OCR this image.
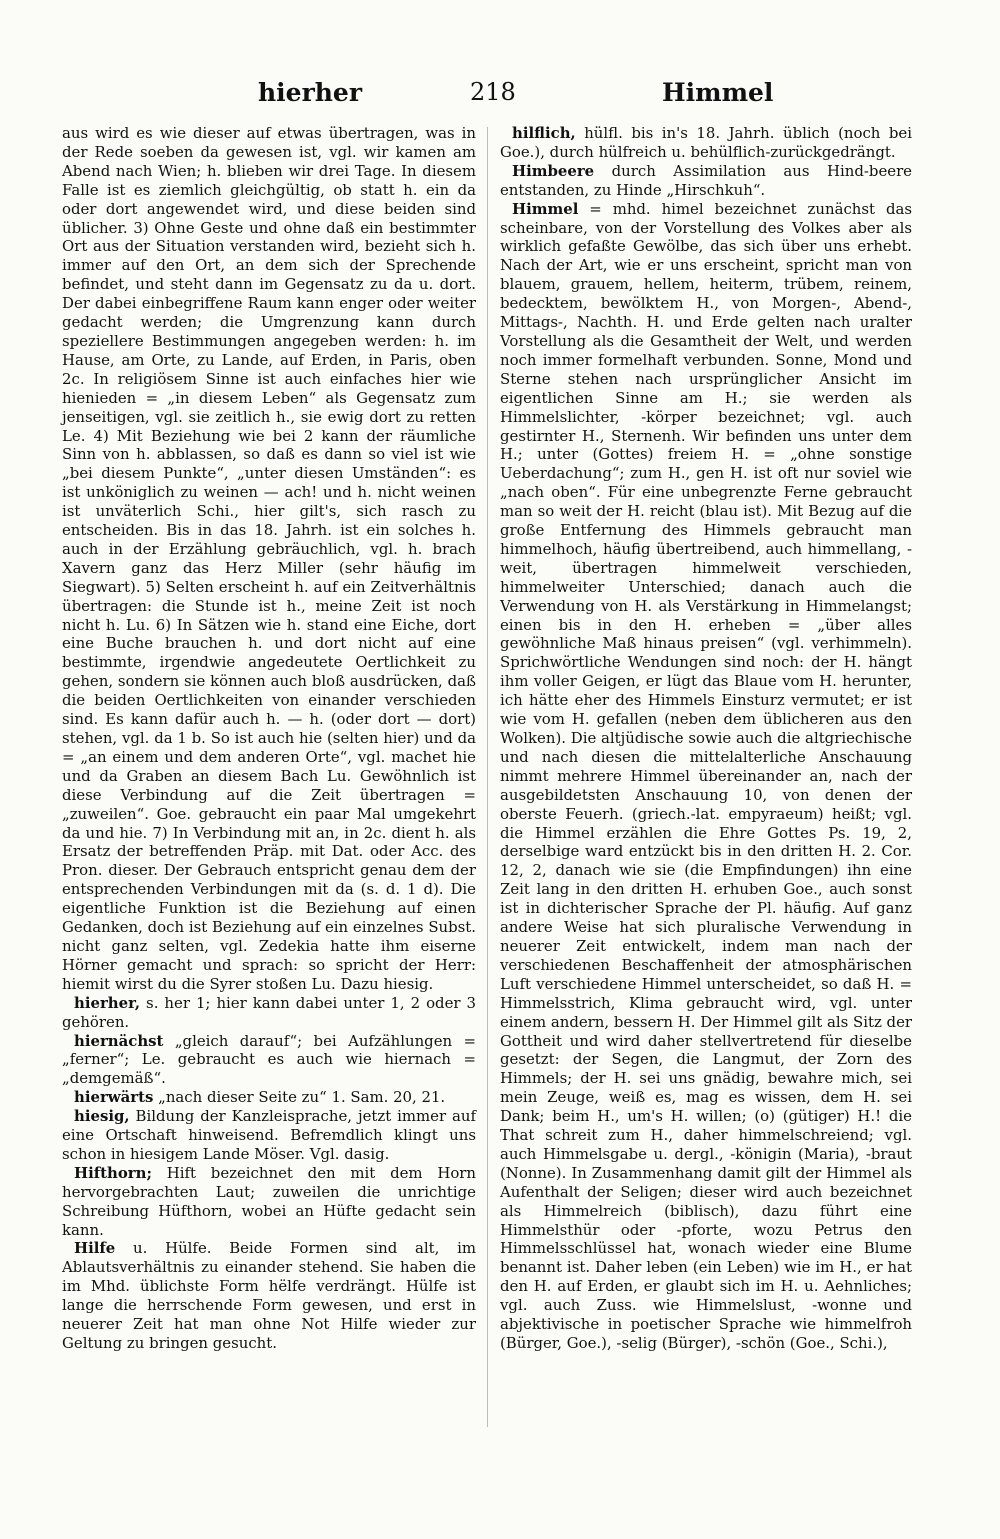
hierher	218	Himmel

aus wird es wie dieser auf etwas übertragen, was in der Rede soeben da gewesen ist, vgl. wir kamen am Abend nach Wien; h. blieben wir drei Tage. In diesem Falle ist es ziemlich gleichgültig, ob statt h. ein da oder dort angewendet wird, und diese beiden sind üblicher. 3) Ohne Geste und ohne daß ein bestimmter Ort aus der Situation verstanden wird, bezieht sich h. immer auf den Ort, an dem sich der Sprechende befindet, und steht dann im Gegensatz zu da u. dort. Der dabei einbegriffene Raum kann enger oder weiter gedacht werden; die Umgrenzung kann durch speziellere Bestimmungen angegeben werden: h. im Hause, am Orte, zu Lande, auf Erden, in Paris, oben 2c. In religiösem Sinne ist auch einfaches hier wie hienieden = „in diesem Leben“ als Gegensatz zum jenseitigen, vgl. sie zeitlich h., sie ewig dort zu retten Le. 4) Mit Beziehung wie bei 2 kann der räumliche Sinn von h. abblassen, so daß es dann so viel ist wie „bei diesem Punkte“, „unter diesen Umständen“: es ist unköniglich zu weinen — ach! und h. nicht weinen ist unväterlich Schi., hier gilt's, sich rasch zu entscheiden. Bis in das 18. Jahrh. ist ein solches h. auch in der Erzählung gebräuchlich, vgl. h. brach Xavern ganz das Herz Miller (sehr häufig im Siegwart). 5) Selten erscheint h. auf ein Zeitverhältnis übertragen: die Stunde ist h., meine Zeit ist noch nicht h. Lu. 6) In Sätzen wie h. stand eine Eiche, dort eine Buche brauchen h. und dort nicht auf eine bestimmte, irgendwie angedeutete Oertlichkeit zu gehen, sondern sie können auch bloß ausdrücken, daß die beiden Oertlichkeiten von einander verschieden sind. Es kann dafür auch h. — h. (oder dort — dort) stehen, vgl. da 1 b. So ist auch hie (selten hier) und da = „an einem und dem anderen Orte“, vgl. machet hie und da Graben an diesem Bach Lu. Gewöhnlich ist diese Verbindung auf die Zeit übertragen = „zuweilen“. Goe. gebraucht ein paar Mal umgekehrt da und hie. 7) In Verbindung mit an, in 2c. dient h. als Ersatz der betreffenden Präp. mit Dat. oder Acc. des Pron. dieser. Der Gebrauch entspricht genau dem der entsprechenden Verbindungen mit da (s. d. 1 d). Die eigentliche Funktion ist die Beziehung auf einen Gedanken, doch ist Beziehung auf ein einzelnes Subst. nicht ganz selten, vgl. Zedekia hatte ihm eiserne Hörner gemacht und sprach: so spricht der Herr: hiemit wirst du die Syrer stoßen Lu. Dazu hiesig.

hierher, s. her 1; hier kann dabei unter 1, 2 oder 3 gehören.

hiernächst „gleich darauf“; bei Aufzählungen = „ferner“; Le. gebraucht es auch wie hiernach = „demgemäß“.

hierwärts „nach dieser Seite zu“ 1. Sam. 20, 21.

hiesig, Bildung der Kanzleisprache, jetzt immer auf eine Ortschaft hinweisend. Befremdlich klingt uns schon in hiesigem Lande Möser. Vgl. dasig.

Hifthorn; Hift bezeichnet den mit dem Horn hervorgebrachten Laut; zuweilen die unrichtige Schreibung Hüfthorn, wobei an Hüfte gedacht sein kann.

Hilfe u. Hülfe. Beide Formen sind alt, im Ablautsverhältnis zu einander stehend. Sie haben die im Mhd. üblichste Form hëlfe verdrängt. Hülfe ist lange die herrschende Form gewesen, und erst in neuerer Zeit hat man ohne Not Hilfe wieder zur Geltung zu bringen gesucht.

hilflich, hülfl. bis in's 18. Jahrh. üblich (noch bei Goe.), durch hülfreich u. behülflich-zurückgedrängt.

Himbeere durch Assimilation aus Hind-beere entstanden, zu Hinde „Hirschkuh“.

Himmel = mhd. himel bezeichnet zunächst das scheinbare, von der Vorstellung des Volkes aber als wirklich gefaßte Gewölbe, das sich über uns erhebt. Nach der Art, wie er uns erscheint, spricht man von blauem, grauem, hellem, heiterm, trübem, reinem, bedecktem, bewölktem H., von Morgen-, Abend-, Mittags-, Nachth. H. und Erde gelten nach uralter Vorstellung als die Gesamtheit der Welt, und werden noch immer formelhaft verbunden. Sonne, Mond und Sterne stehen nach ursprünglicher Ansicht im eigentlichen Sinne am H.; sie werden als Himmelslichter, -körper bezeichnet; vgl. auch gestirnter H., Sternenh. Wir befinden uns unter dem H.; unter (Gottes) freiem H. = „ohne sonstige Ueberdachung“; zum H., gen H. ist oft nur soviel wie „nach oben“. Für eine unbegrenzte Ferne gebraucht man so weit der H. reicht (blau ist). Mit Bezug auf die große Entfernung des Himmels gebraucht man himmelhoch, häufig übertreibend, auch himmellang, -weit, übertragen himmelweit verschieden, himmelweiter Unterschied; danach auch die Verwendung von H. als Verstärkung in Himmelangst; einen bis in den H. erheben = „über alles gewöhnliche Maß hinaus preisen“ (vgl. verhimmeln). Sprichwörtliche Wendungen sind noch: der H. hängt ihm voller Geigen, er lügt das Blaue vom H. herunter, ich hätte eher des Himmels Einsturz vermutet; er ist wie vom H. gefallen (neben dem üblicheren aus den Wolken). Die altjüdische sowie auch die altgriechische und nach diesen die mittelalterliche Anschauung nimmt mehrere Himmel übereinander an, nach der ausgebildetsten Anschauung 10, von denen der oberste Feuerh. (griech.-lat. empyraeum) heißt; vgl. die Himmel erzählen die Ehre Gottes Ps. 19, 2, derselbige ward entzückt bis in den dritten H. 2. Cor. 12, 2, danach wie sie (die Empfindungen) ihn eine Zeit lang in den dritten H. erhuben Goe., auch sonst ist in dichterischer Sprache der Pl. häufig. Auf ganz andere Weise hat sich pluralische Verwendung in neuerer Zeit entwickelt, indem man nach der verschiedenen Beschaffenheit der atmosphärischen Luft verschiedene Himmel unterscheidet, so daß H. = Himmelsstrich, Klima gebraucht wird, vgl. unter einem andern, bessern H. Der Himmel gilt als Sitz der Gottheit und wird daher stellvertretend für dieselbe gesetzt: der Segen, die Langmut, der Zorn des Himmels; der H. sei uns gnädig, bewahre mich, sei mein Zeuge, weiß es, mag es wissen, dem H. sei Dank; beim H., um's H. willen; (o) (gütiger) H.! die That schreit zum H., daher himmelschreiend; vgl. auch Himmelsgabe u. dergl., -königin (Maria), -braut (Nonne). In Zusammenhang damit gilt der Himmel als Aufenthalt der Seligen; dieser wird auch bezeichnet als Himmelreich (biblisch), dazu führt eine Himmelsthür oder -pforte, wozu Petrus den Himmelsschlüssel hat, wonach wieder eine Blume benannt ist. Daher leben (ein Leben) wie im H., er hat den H. auf Erden, er glaubt sich im H. u. Aehnliches; vgl. auch Zuss. wie Himmelslust, -wonne und abjektivische in poetischer Sprache wie himmelfroh (Bürger, Goe.), -selig (Bürger), -schön (Goe., Schi.),
